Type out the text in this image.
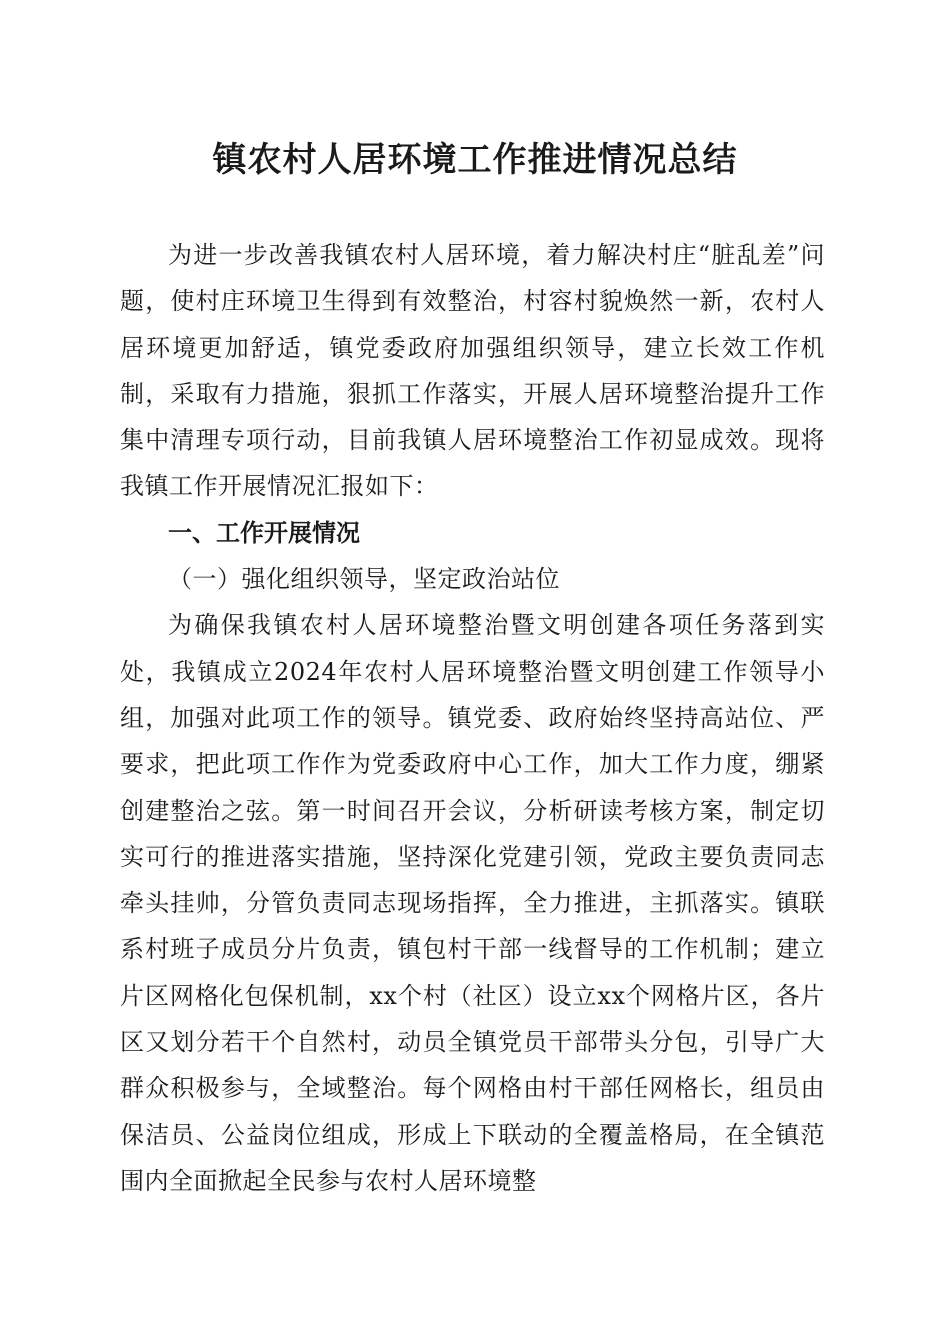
镇农村人居环境工作推进情况总结

为进一步改善我镇农村人居环境，着力解决村庄“脏乱差”问题，使村庄环境卫生得到有效整治，村容村貌焕然一新，农村人居环境更加舒适，镇党委政府加强组织领导，建立长效工作机制，采取有力措施，狠抓工作落实，开展人居环境整治提升工作集中清理专项行动，目前我镇人居环境整治工作初显成效。现将我镇工作开展情况汇报如下：

一、工作开展情况

（一）强化组织领导，坚定政治站位

为确保我镇农村人居环境整治暨文明创建各项任务落到实处，我镇成立2024年农村人居环境整治暨文明创建工作领导小组，加强对此项工作的领导。镇党委、政府始终坚持高站位、严要求，把此项工作作为党委政府中心工作，加大工作力度，绷紧创建整治之弦。第一时间召开会议，分析研读考核方案，制定切实可行的推进落实措施，坚持深化党建引领，党政主要负责同志牵头挂帅，分管负责同志现场指挥，全力推进，主抓落实。镇联系村班子成员分片负责，镇包村干部一线督导的工作机制；建立片区网格化包保机制，xx个村（社区）设立xx个网格片区，各片区又划分若干个自然村，动员全镇党员干部带头分包，引导广大群众积极参与，全域整治。每个网格由村干部任网格长，组员由保洁员、公益岗位组成，形成上下联动的全覆盖格局，在全镇范围内全面掀起全民参与农村人居环境整
